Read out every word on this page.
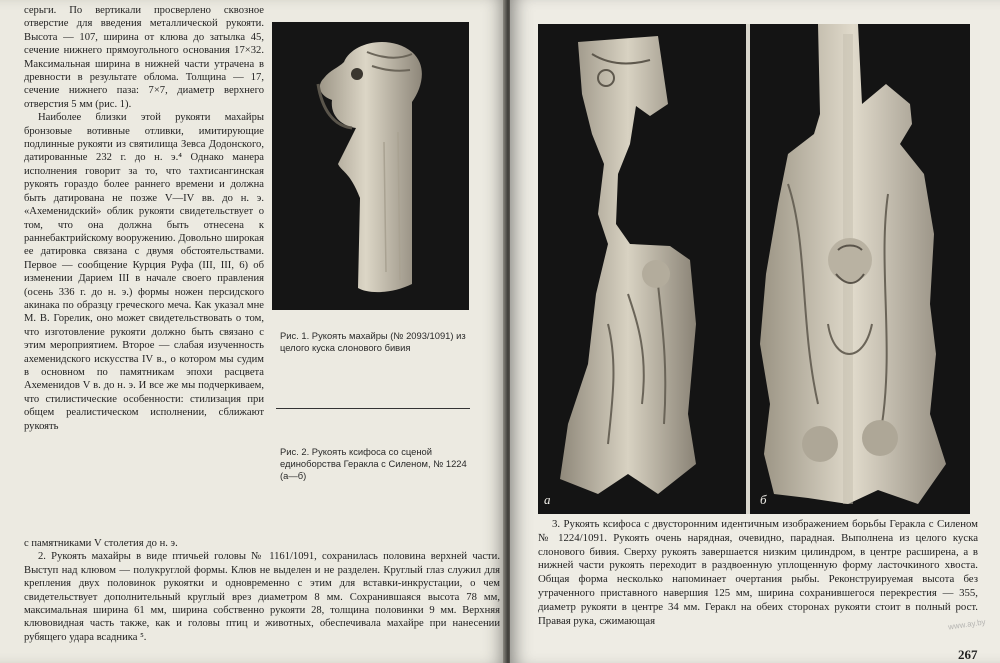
серьги. По вертикали просверлено сквозное отверстие для введения металлической рукояти. Высота — 107, ширина от клюва до затылка 45, сечение нижнего прямоугольного основания 17×32. Максимальная ширина в нижней части утрачена в древности в результате облома. Толщина — 17, сечение нижнего паза: 7×7, диаметр верхнего отверстия 5 мм (рис. 1).

Наиболее близки этой рукояти махайры бронзовые вотивные отливки, имитирующие подлинные рукояти из святилища Зевса Додонского, датированные 232 г. до н. э.⁴ Однако манера исполнения говорит за то, что тахтисангинская рукоять гораздо более раннего времени и должна быть датирована не позже V—IV вв. до н. э. «Ахеменидский» облик рукояти свидетельствует о том, что она должна быть отнесена к раннебактрийскому вооружению. Довольно широкая ее датировка связана с двумя обстоятельствами. Первое — сообщение Курция Руфа (III, III, 6) об изменении Дарием III в начале своего правления (осень 336 г. до н. э.) формы ножен персидского акинака по образцу греческого меча. Как указал мне М. В. Горелик, оно может свидетельствовать о том, что изготовление рукояти должно быть связано с этим мероприятием. Второе — слабая изученность ахеменидского искусства IV в., о котором мы судим в основном по памятникам эпохи расцвета Ахеменидов V в. до н. э. И все же мы подчеркиваем, что стилистические особенности: стилизация при общем реалистическом исполнении, сближают рукоять

Рис. 1. Рукоять махайры (№ 2093/1091) из целого куска слонового бивия
Рис. 2. Рукоять ксифоса со сценой единоборства Геракла с Силеном, № 1224 (а—б)

с памятниками V столетия до н. э.

2. Рукоять махайры в виде птичьей головы № 1161/1091, сохранилась половина верхней части. Выступ над клювом — полукруглой формы. Клюв не выделен и не разделен. Круглый глаз служил для крепления двух половинок рукоятки и одновременно с этим для вставки-инкрустации, о чем свидетельствует дополнительный круглый врез диаметром 8 мм. Сохранившаяся высота 78 мм, максимальная ширина 61 мм, ширина собственно рукояти 28, толщина половинки 9 мм. Верхняя клювовидная часть также, как и головы птиц и животных, обеспечивала махайре при нанесении рубящего удара всадника ⁵.

а	б

3. Рукоять ксифоса с двусторонним идентичным изображением борьбы Геракла с Силеном № 1224/1091. Рукоять очень нарядная, очевидно, парадная. Выполнена из целого куска слонового бивия. Сверху рукоять завершается низким цилиндром, в центре расширена, а в нижней части рукоять переходит в раздвоенную уплощенную форму ласточкиного хвоста. Общая форма несколько напоминает очертания рыбы. Реконструируемая высота без утраченного приставного навершия 125 мм, ширина сохранившегося перекрестия — 355, диаметр рукояти в центре 34 мм. Геракл на обеих сторонах рукояти стоит в полный рост. Правая рука, сжимающая	www.ay.by
267
